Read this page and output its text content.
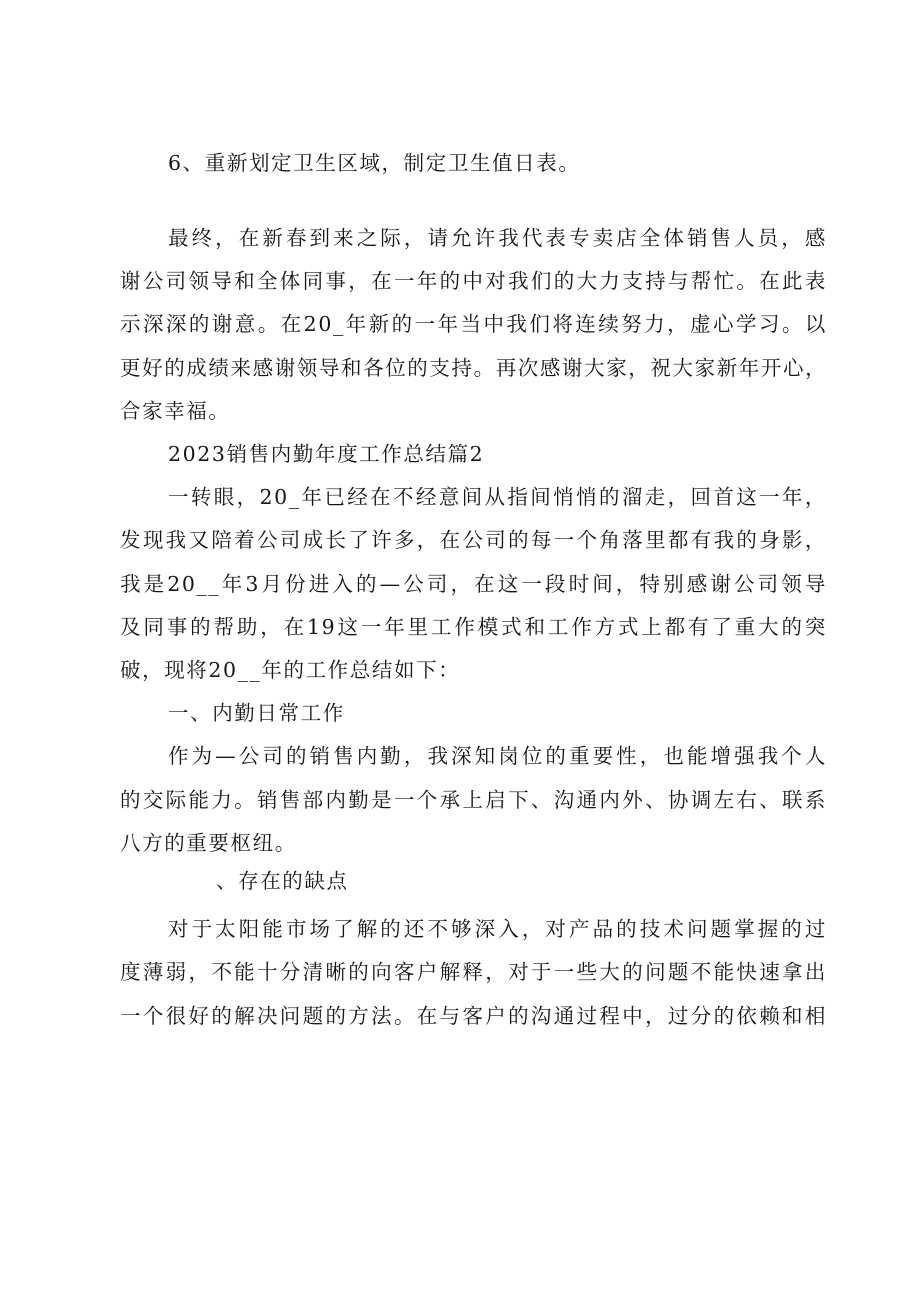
6、重新划定卫生区域，制定卫生值日表。
最终，在新春到来之际，请允许我代表专卖店全体销售人员，感
谢公司领导和全体同事，在一年的中对我们的大力支持与帮忙。在此表
示深深的谢意。在20_年新的一年当中我们将连续努力，虚心学习。以
更好的成绩来感谢领导和各位的支持。再次感谢大家，祝大家新年开心，
合家幸福。
2023销售内勤年度工作总结篇2
一转眼，20_年已经在不经意间从指间悄悄的溜走，回首这一年，
发现我又陪着公司成长了许多，在公司的每一个角落里都有我的身影，
我是20__年3月份进入的—公司，在这一段时间，特别感谢公司领导
及同事的帮助，在19这一年里工作模式和工作方式上都有了重大的突
破，现将20__年的工作总结如下：
一、内勤日常工作
作为—公司的销售内勤，我深知岗位的重要性，也能增强我个人
的交际能力。销售部内勤是一个承上启下、沟通内外、协调左右、联系
八方的重要枢纽。
、存在的缺点
对于太阳能市场了解的还不够深入，对产品的技术问题掌握的过
度薄弱，不能十分清晰的向客户解释，对于一些大的问题不能快速拿出
一个很好的解决问题的方法。在与客户的沟通过程中，过分的依赖和相
